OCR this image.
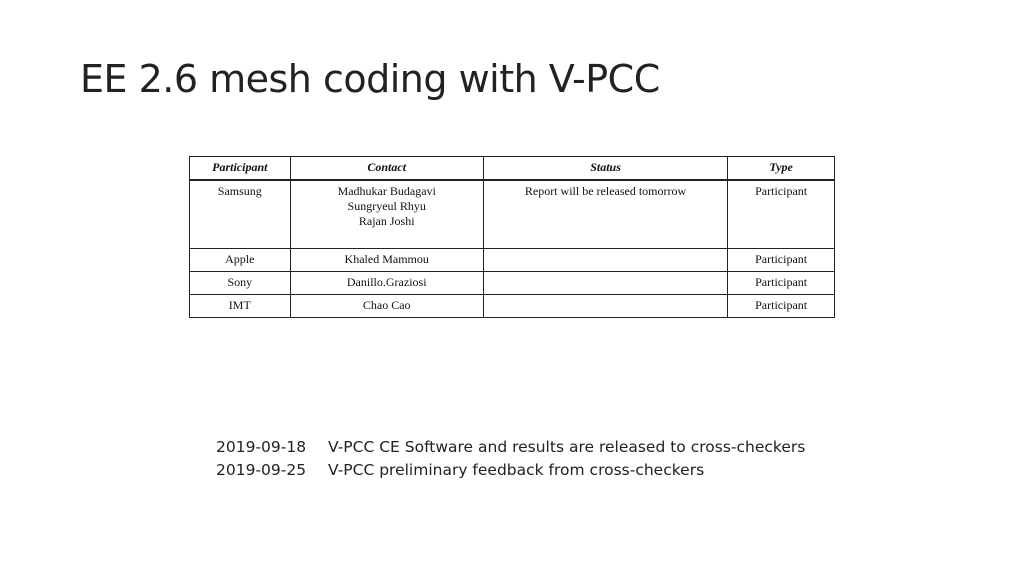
EE 2.6 mesh coding with V-PCC
Participant	Contact	Status	Type
Samsung	Madhukar Budagavi
Sungryeul Rhyu
Rajan Joshi	Report will be released tomorrow	Participant
Apple	Khaled Mammou		Participant
Sony	Danillo.Graziosi		Participant
IMT	Chao Cao		Participant
2019-09-18	V-PCC CE Software and results are released to cross-checkers
2019-09-25	V-PCC preliminary feedback from cross-checkers
